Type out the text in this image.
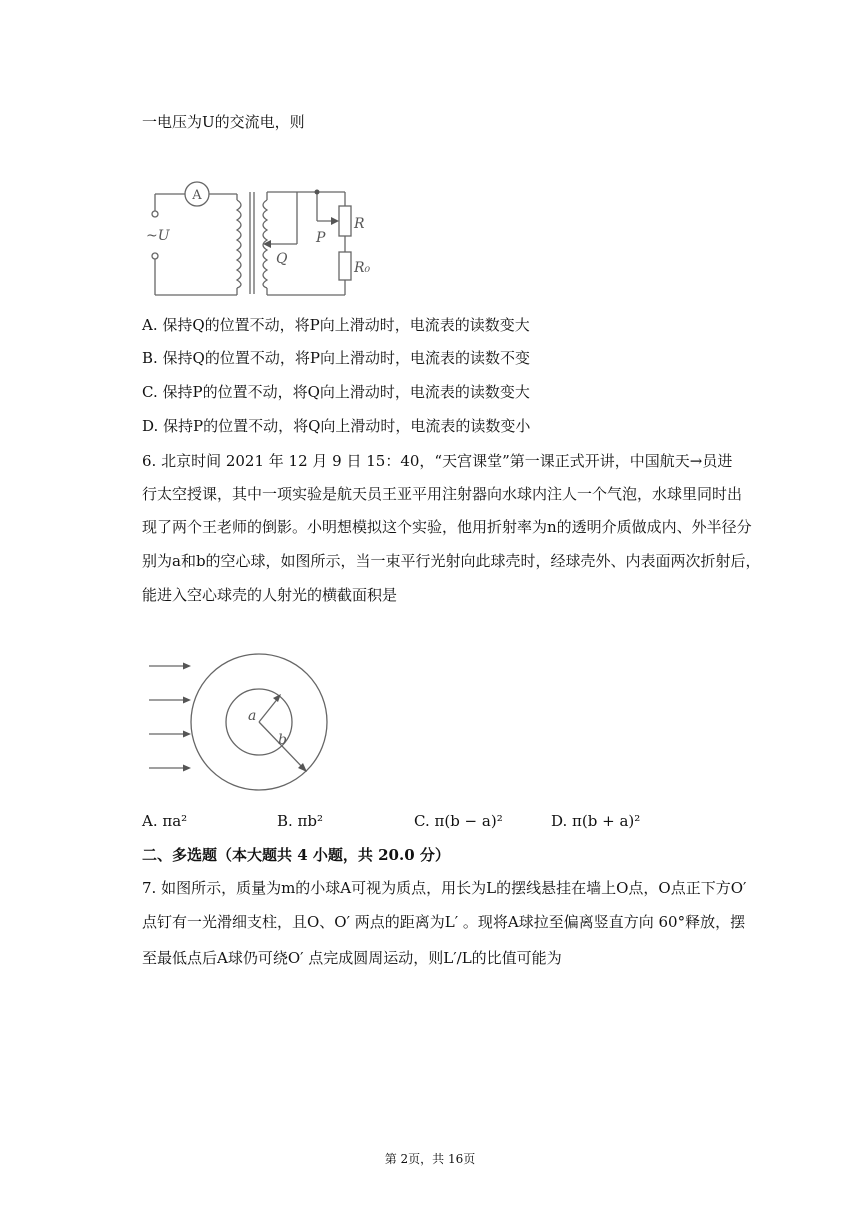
一电压为U的交流电，则
A
~U	P
Q
R
R₀
A. 保持Q的位置不动，将P向上滑动时，电流表的读数变大
B. 保持Q的位置不动，将P向上滑动时，电流表的读数不变
C. 保持P的位置不动，将Q向上滑动时，电流表的读数变大
D. 保持P的位置不动，将Q向上滑动时，电流表的读数变小
6. 北京时间 2021 年 12 月 9 日 15：40，“天宫课堂”第一课正式开讲，中国航天→员进
行太空授课，其中一项实验是航天员王亚平用注射器向水球内注人一个气泡，水球里同时出
现了两个王老师的倒影。小明想模拟这个实验，他用折射率为n的透明介质做成内、外半径分
别为a和b的空心球，如图所示，当一束平行光射向此球壳时，经球壳外、内表面两次折射后，
能进入空心球壳的人射光的横截面积是
a
b
A. πa²	B. πb²	C. π(b − a)²	D. π(b + a)²
二、多选题（本大题共 4 小题，共 20.0 分）
7. 如图所示，质量为m的小球A可视为质点，用长为L的摆线悬挂在墙上O点，O点正下方O′
点钉有一光滑细支柱，且O、O′ 两点的距离为L′ 。现将A球拉至偏离竖直方向 60°释放，摆
至最低点后A球仍可绕O′ 点完成圆周运动，则L′/L的比值可能为
第 2页，共 16页
